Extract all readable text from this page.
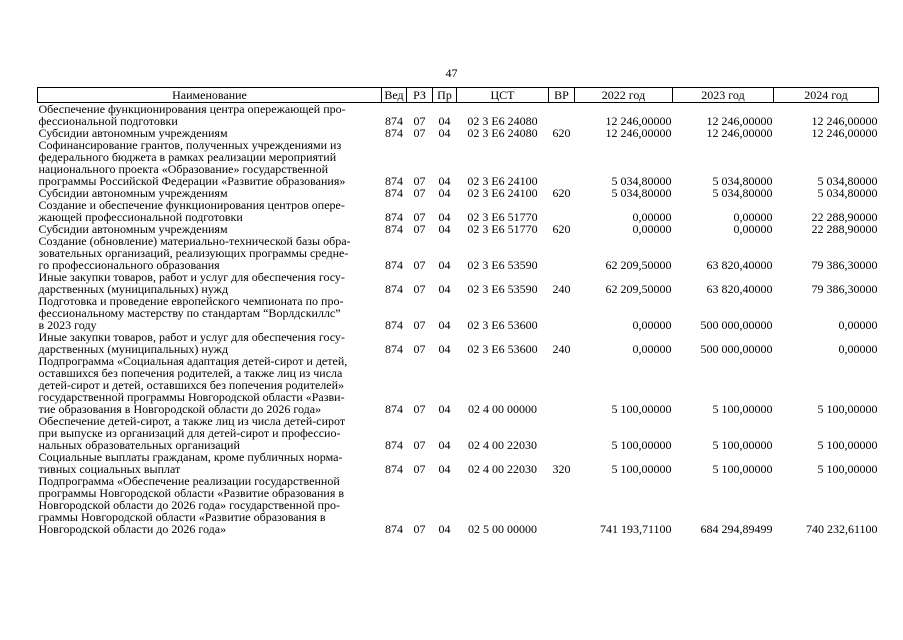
47
Наименование	Вед	РЗ	Пр	ЦСТ	ВР	2022 год	2023 год	2024 год

Обеспечение функционирования центра опережающей про-
фессиональной подготовки	874	07	04	02 3 E6 24080		12 246,00000	12 246,00000	12 246,00000

Субсидии автономным учреждениям	874	07	04	02 3 E6 24080	620	12 246,00000	12 246,00000	12 246,00000

Софинансирование грантов, полученных учреждениями из
федерального бюджета в рамках реализации мероприятий
национального проекта «Образование» государственной
программы Российской Федерации «Развитие образования»	874	07	04	02 3 E6 24100		5 034,80000	5 034,80000	5 034,80000

Субсидии автономным учреждениям	874	07	04	02 3 E6 24100	620	5 034,80000	5 034,80000	5 034,80000

Создание и обеспечение функционирования центров опере-
жающей профессиональной подготовки	874	07	04	02 3 E6 51770		0,00000	0,00000	22 288,90000

Субсидии автономным учреждениям	874	07	04	02 3 E6 51770	620	0,00000	0,00000	22 288,90000

Создание (обновление) материально-технической базы обра-
зовательных организаций, реализующих программы средне-
го профессионального образования	874	07	04	02 3 E6 53590		62 209,50000	63 820,40000	79 386,30000

Иные закупки товаров, работ и услуг для обеспечения госу-
дарственных (муниципальных) нужд	874	07	04	02 3 E6 53590	240	62 209,50000	63 820,40000	79 386,30000

Подготовка и проведение европейского чемпионата по про-
фессиональному мастерству по стандартам “Ворлдскиллс”
в 2023 году	874	07	04	02 3 E6 53600		0,00000	500 000,00000	0,00000

Иные закупки товаров, работ и услуг для обеспечения госу-
дарственных (муниципальных) нужд	874	07	04	02 3 E6 53600	240	0,00000	500 000,00000	0,00000

Подпрограмма «Социальная адаптация детей-сирот и детей,
оставшихся без попечения родителей, а также лиц из числа
детей-сирот и детей, оставшихся без попечения родителей»
государственной программы Новгородской области «Разви-
тие образования в Новгородской области до 2026 года»	874	07	04	02 4 00 00000		5 100,00000	5 100,00000	5 100,00000

Обеспечение детей-сирот, а также лиц из числа детей-сирот
при выпуске из организаций для детей-сирот и профессио-
нальных образовательных организаций	874	07	04	02 4 00 22030		5 100,00000	5 100,00000	5 100,00000

Социальные выплаты гражданам, кроме публичных норма-
тивных социальных выплат	874	07	04	02 4 00 22030	320	5 100,00000	5 100,00000	5 100,00000

Подпрограмма «Обеспечение реализации государственной
программы Новгородской области «Развитие образования в
Новгородской области до 2026 года» государственной про-
граммы Новгородской области «Развитие образования в
Новгородской области до 2026 года»	874	07	04	02 5 00 00000		741 193,71100	684 294,89499	740 232,61100
